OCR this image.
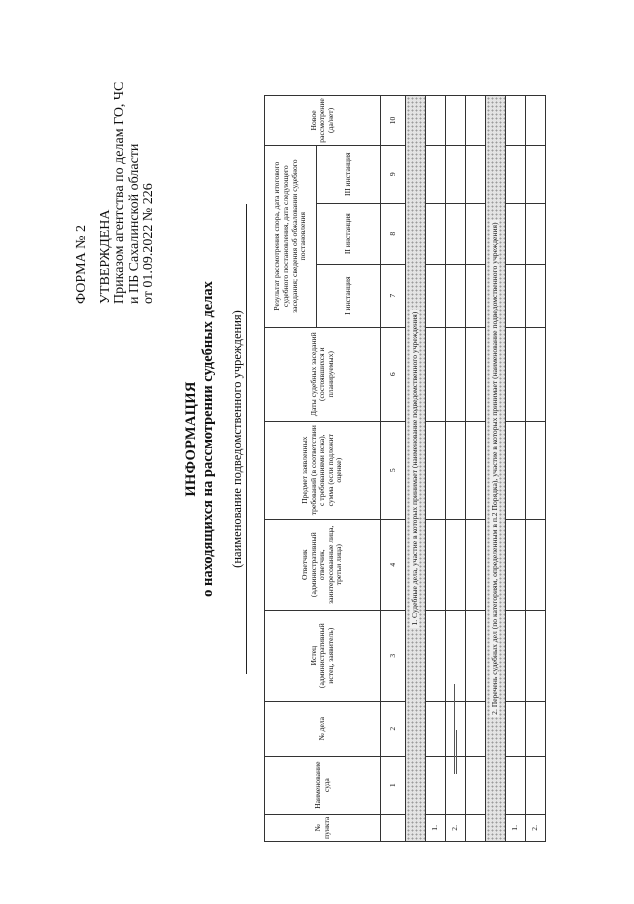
ФОРМА № 2 УТВЕРЖДЕНА Приказом агентства по делам ГО, ЧС и ПБ Сахалинской области от 01.09.2022 № 226
ИНФОРМАЦИЯ о находящихся на рассмотрении судебных делах (наименование подведомственного учреждения)
№ пункта	Наименование суда	№ дела	Истец (административный истец, заявитель)	Ответчик (административный ответчик, заинтересованные лица, третьи лица)	Предмет заявленных требований (в соответствии с требованиями иска), сумма (если подлежит оценке)	Даты судебных заседаний (состоявшихся и планируемых)	Результат рассмотрения спора, дата итогового судебного постановления, дата следующего заседания; сведения об обжаловании судебного постановления			Новое рассмотрение (да/нет)
							I инстанция	II инстанция	III инстанция	
	1	2	3	4	5	6	7	8	9	10
1. Судебные дела, участие в которых принимает (наименование подведомственного учреждения)										
1.										
2.										

2. Перечень судебных дел (по категориям, определенным в п.2 Порядка), участие в которых принимает (наименование подведомственного учреждения)										
1.										
2.										
